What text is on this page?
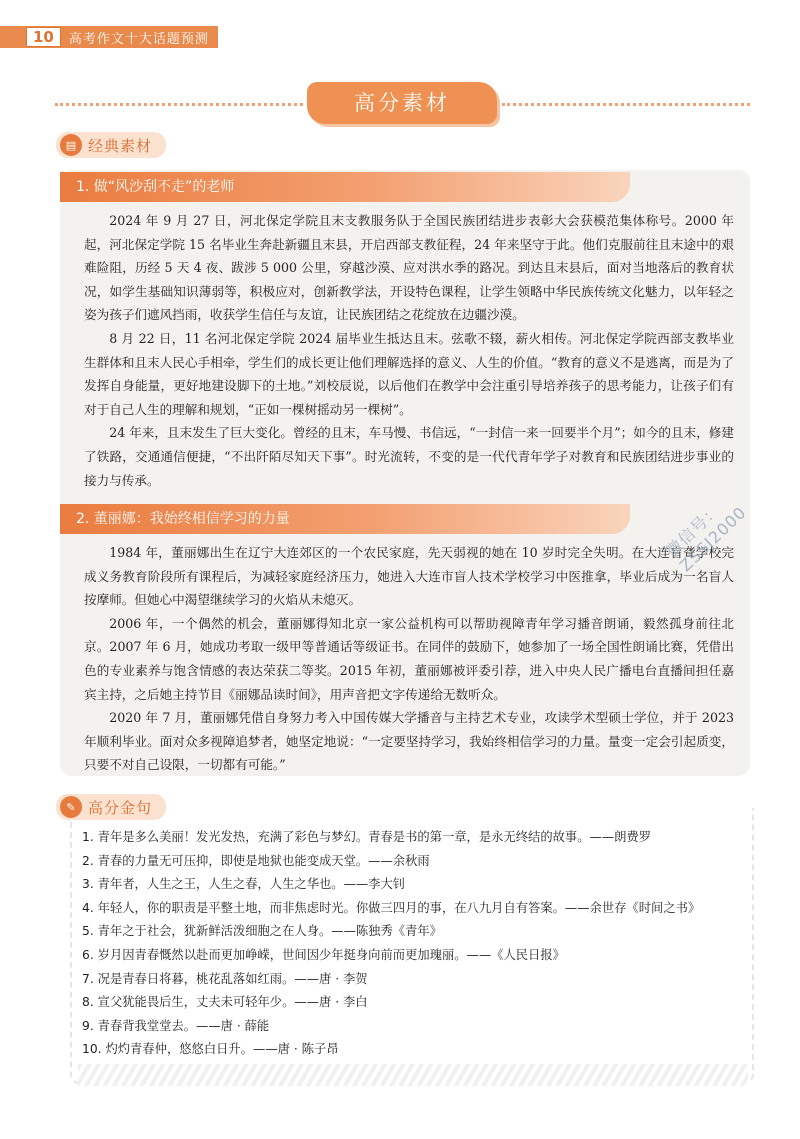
10	高考作文十大话题预测
高分素材
▤ 经典素材
1. 做“风沙刮不走”的老师

2024 年 9 月 27 日，河北保定学院且末支教服务队于全国民族团结进步表彰大会获模范集体称号。2000 年起，河北保定学院 15 名毕业生奔赴新疆且末县，开启西部支教征程，24 年来坚守于此。他们克服前往且末途中的艰难险阻，历经 5 天 4 夜、跋涉 5 000 公里，穿越沙漠、应对洪水季的路况。到达且末县后，面对当地落后的教育状况，如学生基础知识薄弱等，积极应对，创新教学法，开设特色课程，让学生领略中华民族传统文化魅力，以年轻之姿为孩子们遮风挡雨，收获学生信任与友谊，让民族团结之花绽放在边疆沙漠。

8 月 22 日，11 名河北保定学院 2024 届毕业生抵达且末。弦歌不辍，薪火相传。河北保定学院西部支教毕业生群体和且末人民心手相牵，学生们的成长更让他们理解选择的意义、人生的价值。“教育的意义不是逃离，而是为了发挥自身能量，更好地建设脚下的土地。”刘校辰说，以后他们在教学中会注重引导培养孩子的思考能力，让孩子们有对于自己人生的理解和规划，“正如一棵树摇动另一棵树”。

24 年来，且末发生了巨大变化。曾经的且末，车马慢、书信远，“一封信一来一回要半个月”；如今的且末，修建了铁路，交通通信便捷，“不出阡陌尽知天下事”。时光流转，不变的是一代代青年学子对教育和民族团结进步事业的接力与传承。

2. 董丽娜：我始终相信学习的力量

1984 年，董丽娜出生在辽宁大连郊区的一个农民家庭，先天弱视的她在 10 岁时完全失明。在大连盲聋学校完成义务教育阶段所有课程后，为减轻家庭经济压力，她进入大连市盲人技术学校学习中医推拿，毕业后成为一名盲人按摩师。但她心中渴望继续学习的火焰从未熄灭。

2006 年，一个偶然的机会，董丽娜得知北京一家公益机构可以帮助视障青年学习播音朗诵，毅然孤身前往北京。2007 年 6 月，她成功考取一级甲等普通话等级证书。在同伴的鼓励下，她参加了一场全国性朗诵比赛，凭借出色的专业素养与饱含情感的表达荣获二等奖。2015 年初，董丽娜被评委引荐，进入中央人民广播电台直播间担任嘉宾主持，之后她主持节目《丽娜品读时间》，用声音把文字传递给无数听众。

2020 年 7 月，董丽娜凭借自身努力考入中国传媒大学播音与主持艺术专业，攻读学术型硕士学位，并于 2023 年顺利毕业。面对众多视障追梦者，她坚定地说：“一定要坚持学习，我始终相信学习的力量。量变一定会引起质变，只要不对自己设限，一切都有可能。”

微信号：ZSSJ2000
✎ 高分金句
1. 青年是多么美丽！发光发热，充满了彩色与梦幻。青春是书的第一章，是永无终结的故事。——朗费罗
2. 青春的力量无可压抑，即使是地狱也能变成天堂。——余秋雨
3. 青年者，人生之王，人生之春，人生之华也。——李大钊
4. 年轻人，你的职责是平整土地，而非焦虑时光。你做三四月的事，在八九月自有答案。——余世存《时间之书》
5. 青年之于社会，犹新鲜活泼细胞之在人身。——陈独秀《青年》
6. 岁月因青春慨然以赴而更加峥嵘，世间因少年挺身向前而更加瑰丽。——《人民日报》
7. 况是青春日将暮，桃花乱落如红雨。——唐 · 李贺
8. 宣父犹能畏后生，丈夫未可轻年少。——唐 · 李白
9. 青春背我堂堂去。——唐 · 薛能
10. 灼灼青春仲，悠悠白日升。——唐 · 陈子昂
